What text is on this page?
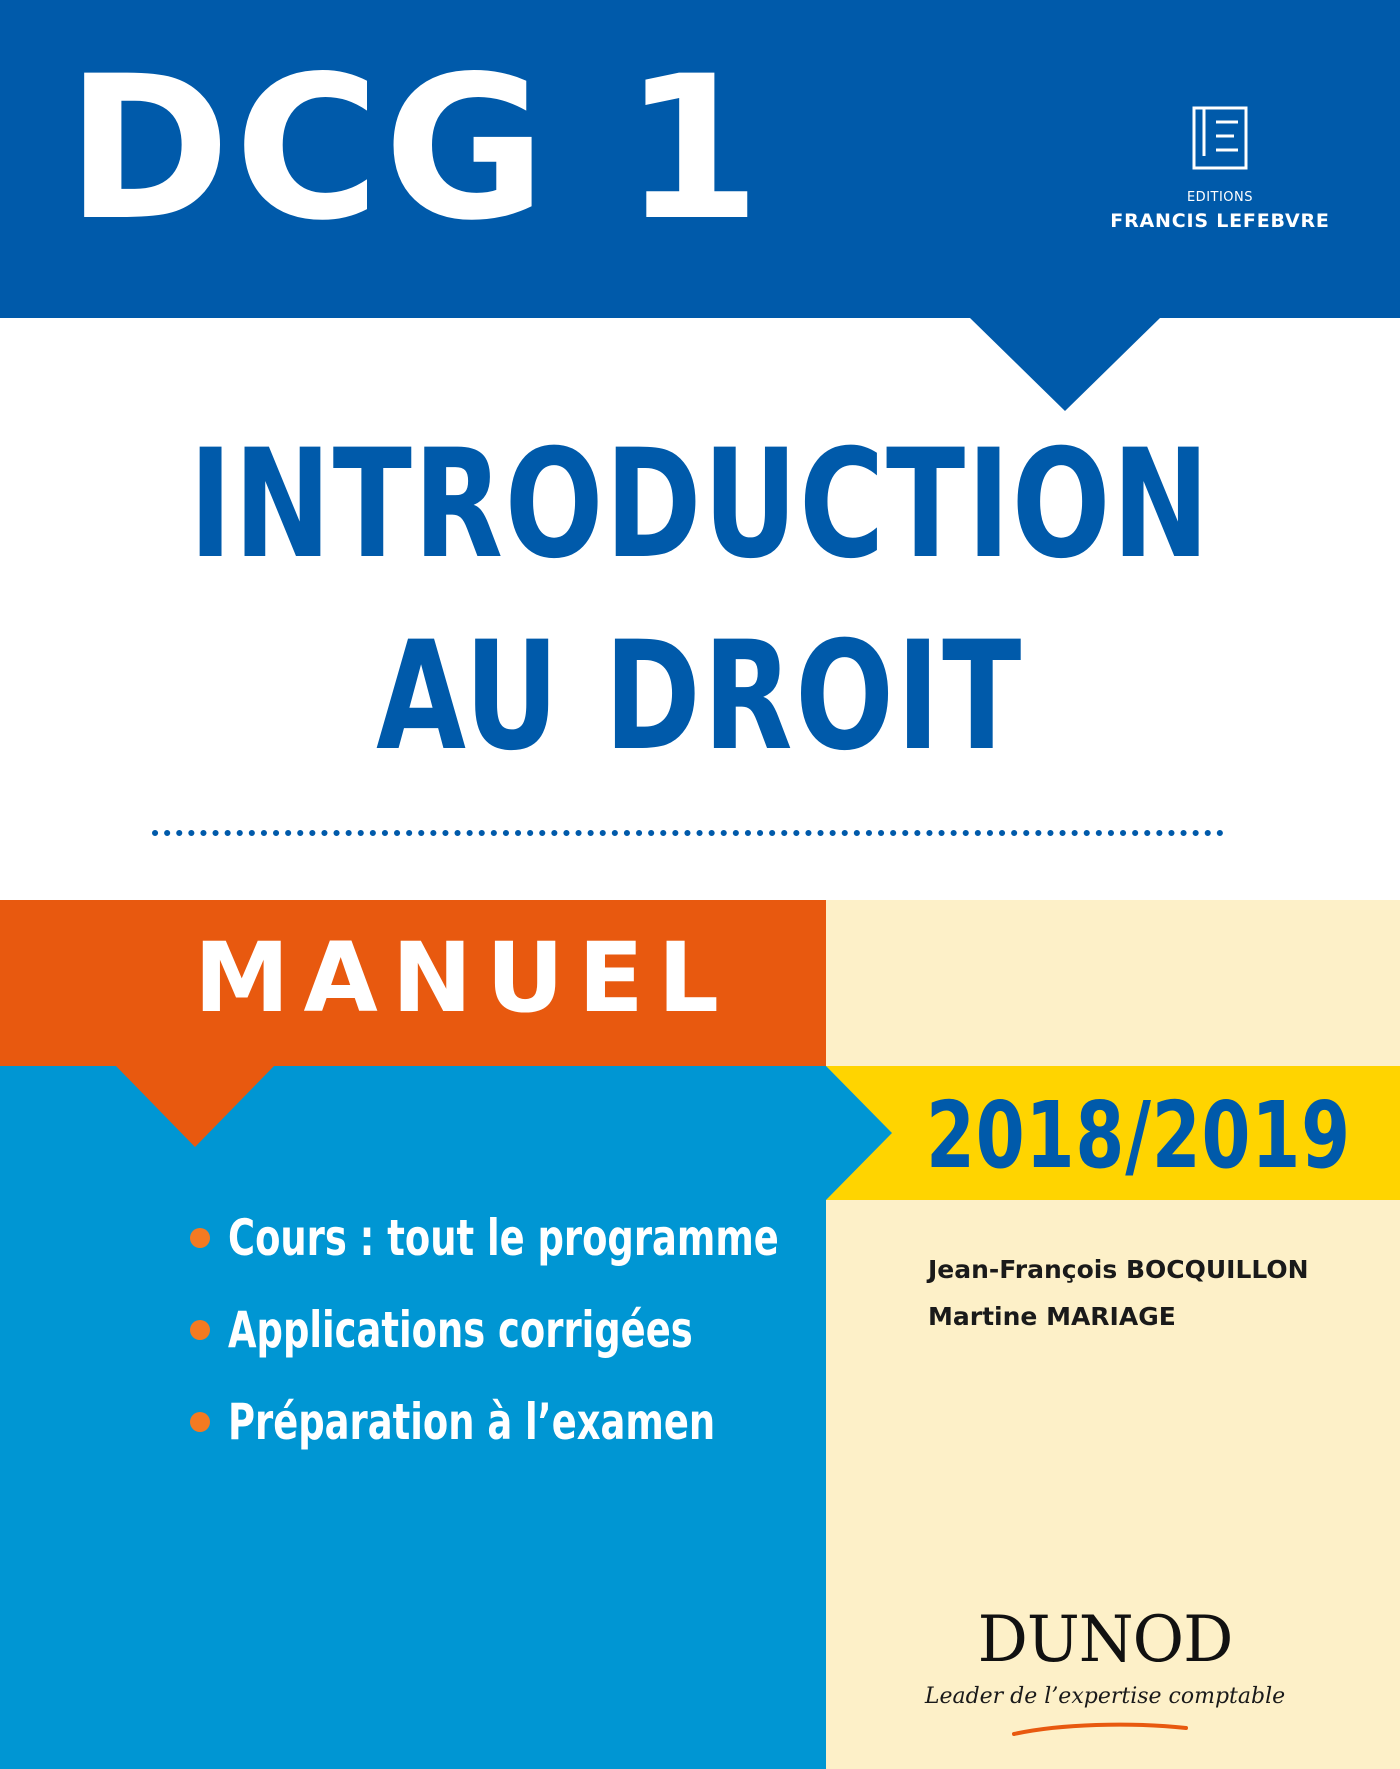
DCG 1	EDITIONS
FRANCIS LEFEBVRE
INTRODUCTION
AU DROIT
MANUEL
2018/2019
Cours : tout le programme
Applications corrigées
Préparation à l’examen
Jean-François BOCQUILLON
Martine MARIAGE
DUNOD
Leader de l’expertise comptable
